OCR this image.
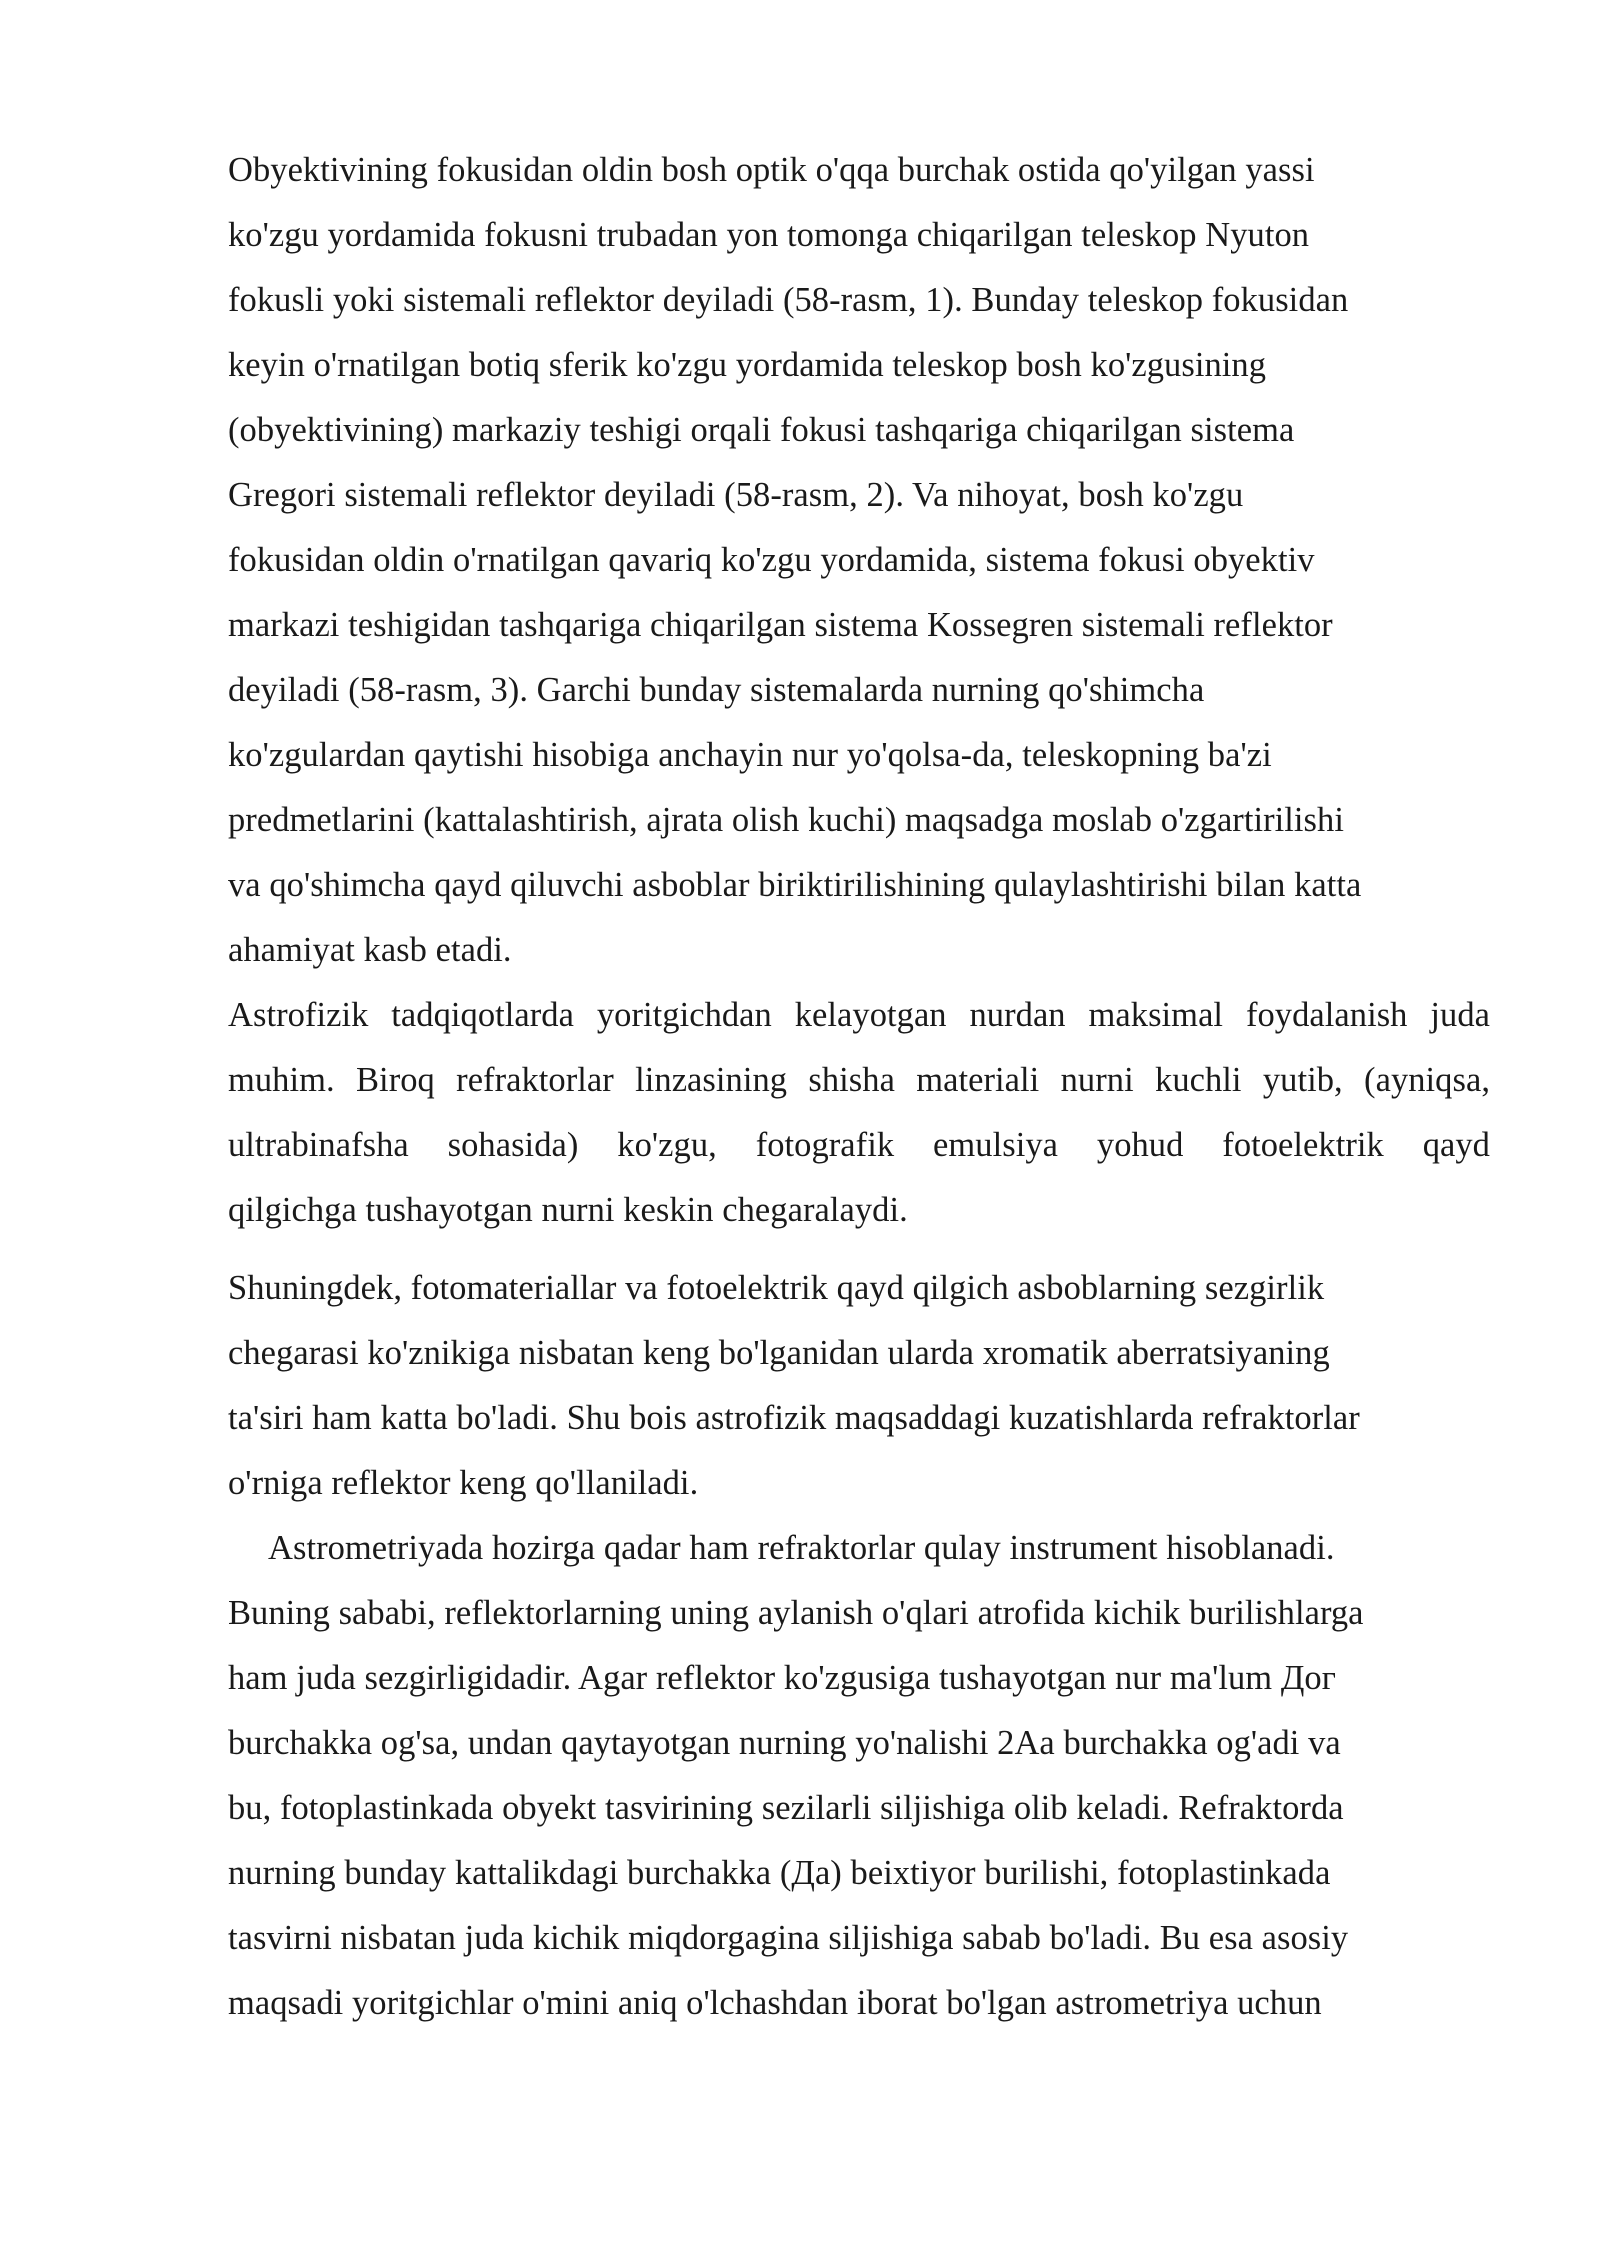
Obyektivining fokusidan oldin bosh optik o'qqa burchak ostida qo'yilgan yassi
ko'zgu yordamida fokusni trubadan yon tomonga chiqarilgan teleskop Nyuton
fokusli yoki sistemali reflektor deyiladi (58-rasm, 1). Bunday teleskop fokusidan
keyin o'rnatilgan botiq sferik ko'zgu yordamida teleskop bosh ko'zgusining
(obyektivining) markaziy teshigi orqali fokusi tashqariga chiqarilgan sistema
Gregori sistemali reflektor deyiladi (58-rasm, 2). Va nihoyat, bosh ko'zgu
fokusidan oldin o'rnatilgan qavariq ko'zgu yordamida, sistema fokusi obyektiv
markazi teshigidan tashqariga chiqarilgan sistema Kossegren sistemali reflektor
deyiladi (58-rasm, 3). Garchi bunday sistemalarda nurning qo'shimcha
ko'zgulardan qaytishi hisobiga anchayin nur yo'qolsa-da, teleskopning ba'zi
predmetlarini (kattalashtirish, ajrata olish kuchi) maqsadga moslab o'zgartirilishi
va qo'shimcha qayd qiluvchi asboblar biriktirilishining qulaylashtirishi bilan katta
ahamiyat kasb etadi.
Astrofizik tadqiqotlarda yoritgichdan kelayotgan nurdan maksimal foydalanish juda
muhim. Biroq refraktorlar linzasining shisha materiali nurni kuchli yutib, (ayniqsa,
ultrabinafsha sohasida) ko'zgu, fotografik emulsiya yohud fotoelektrik qayd
qilgichga tushayotgan nurni keskin chegaralaydi.
Shuningdek, fotomateriallar va fotoelektrik qayd qilgich asboblarning sezgirlik
chegarasi ko'znikiga nisbatan keng bo'lganidan ularda xromatik aberratsiyaning
ta'siri ham katta bo'ladi. Shu bois astrofizik maqsaddagi kuzatishlarda refraktorlar
o'rniga reflektor keng qo'llaniladi.
Astrometriyada hozirga qadar ham refraktorlar qulay instrument hisoblanadi.
Buning sababi, reflektorlarning uning aylanish o'qlari atrofida kichik burilishlarga
ham juda sezgirligidadir. Agar reflektor ko'zgusiga tushayotgan nur ma'lum Дог
burchakka og'sa, undan qaytayotgan nurning yo'nalishi 2Aa burchakka og'adi va
bu, fotoplastinkada obyekt tasvirining sezilarli siljishiga olib keladi. Refraktorda
nurning bunday kattalikdagi burchakka (Да) beixtiyor burilishi, fotoplastinkada
tasvirni nisbatan juda kichik miqdorgagina siljishiga sabab bo'ladi. Bu esa asosiy
maqsadi yoritgichlar o'mini aniq o'lchashdan iborat bo'lgan astrometriya uchun
